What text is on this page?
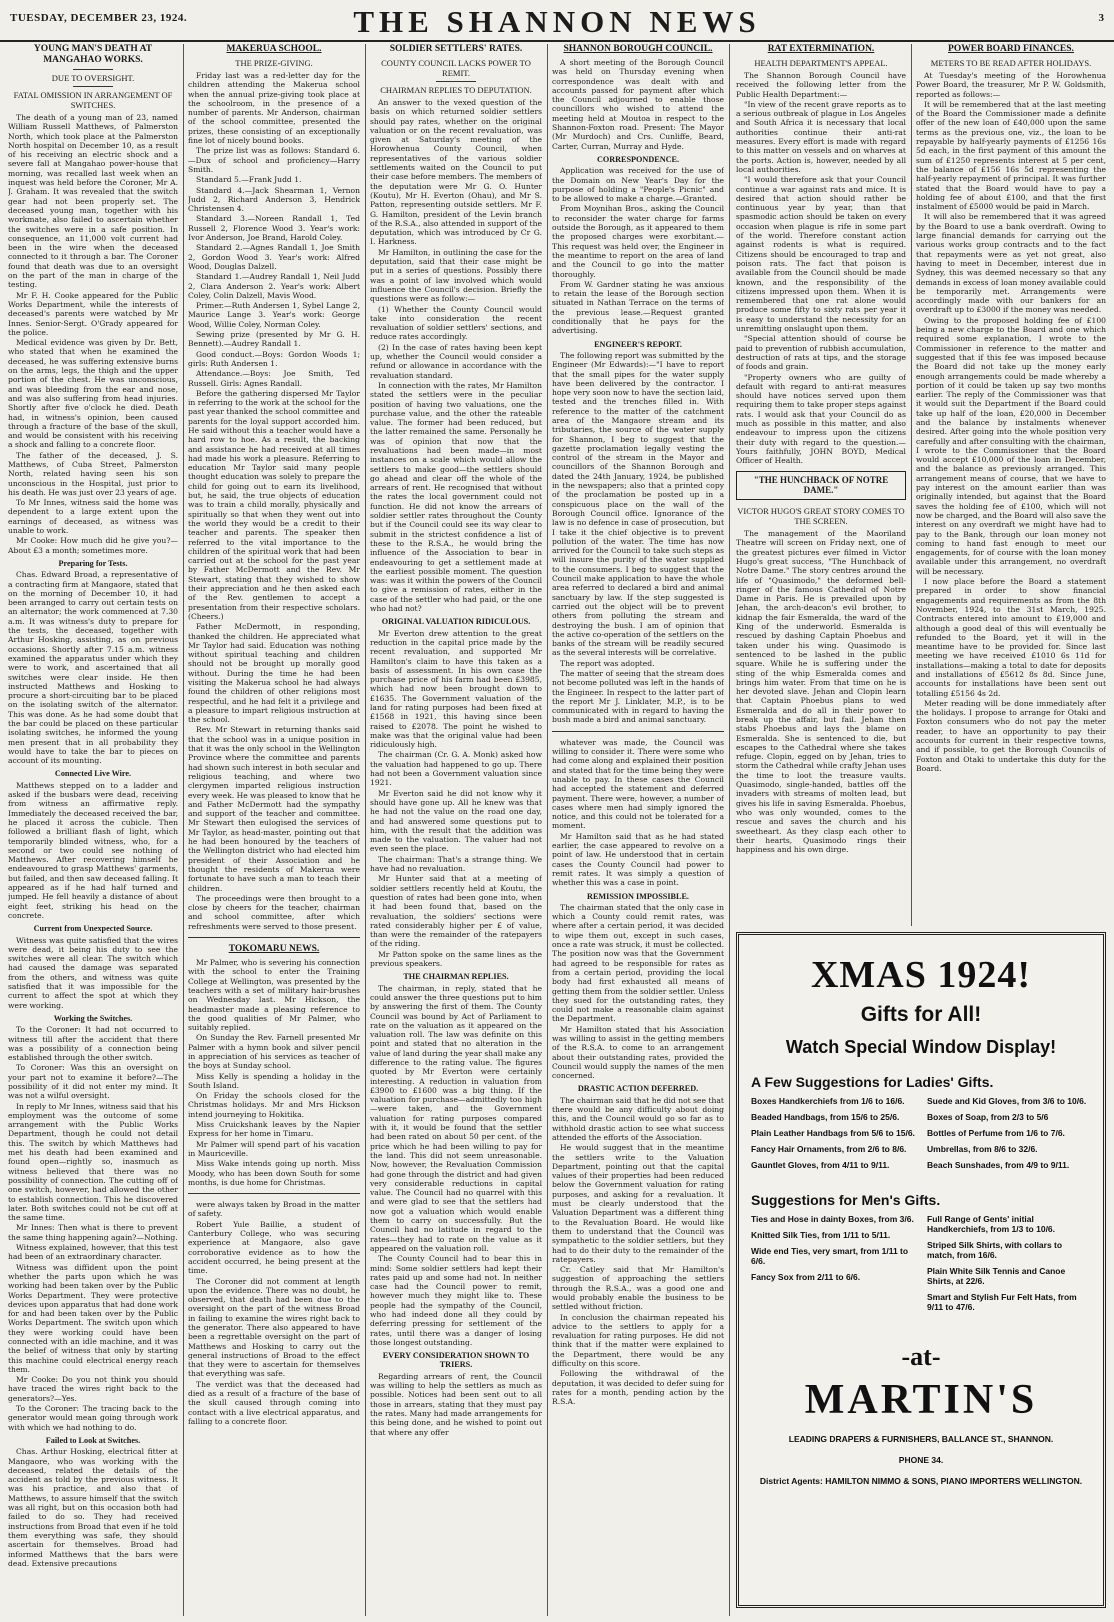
TUESDAY, DECEMBER 23, 1924.	THE SHANNON NEWS	3
YOUNG MAN'S DEATH AT MANGAHAO WORKS.
DUE TO OVERSIGHT.
FATAL OMISSION IN ARRANGEMENT OF SWITCHES.

The death of a young man of 23, named William Russell Matthews, of Palmerston North, which took place at the Palmerston North hospital on December 10, as a result of his receiving an electric shock and a severe fall at Mangahao power-house that morning, was recalled last week when an inquest was held before the Coroner, Mr A. J. Graham. It was revealed that the switch gear had not been properly set. The deceased young man, together with his workmate, also failed to ascertain whether the switches were in a safe position. In consequence, an 11,000 volt current had been in the wire when the deceased connected to it through a bar. The Coroner found that death was due to an oversight on the part of the man in charge of the testing.

Mr F. H. Cooke appeared for the Public Works Department, while the interests of deceased's parents were watched by Mr Innes. Senior-Sergt. O'Grady appeared for the police.

Medical evidence was given by Dr. Bett, who stated that when he examined the deceased, he was suffering extensive burns on the arms, legs, the thigh and the upper portion of the chest. He was unconscious, and was bleeding from the ear and nose, and was also suffering from head injuries. Shortly after five o'clock he died. Death had, in witness's opinion, been caused through a fracture of the base of the skull, and would be consistent with his receiving a shock and falling to a concrete floor.

The father of the deceased, J. S. Matthews, of Cuba Street, Palmerston North, related having seen his son unconscious in the Hospital, just prior to his death. He was just over 23 years of age.

To Mr Innes, witness said the home was dependent to a large extent upon the earnings of deceased, as witness was unable to work.

Mr Cooke: How much did he give you?—About £3 a month; sometimes more.

Preparing for Tests.

Chas. Edward Broad, a representative of a contracting firm at Mangaore, stated that on the morning of December 10, it had been arranged to carry out certain tests on an alternator; the work commenced at 7.30 a.m. It was witness's duty to prepare for the tests, the deceased, together with Arthur Hosking, assisting, as on previous occasions. Shortly after 7.15 a.m. witness examined the apparatus under which they were to work, and ascertained that all switches were clear inside. He then instructed Matthews and Hosking to procure a short-circuiting bar to be placed on the isolating switch of the alternator. This was done. As he had some doubt that the bar could be placed on these particular isolating switches, he informed the young men present that in all probability they would have to take the bar to pieces on account of its mounting.

Connected Live Wire.

Matthews stepped on to a ladder and asked if the busbars were dead, receiving from witness an affirmative reply. Immediately the deceased received the bar, he placed it across the cubicle. Then followed a brilliant flash of light, which temporarily blinded witness, who, for a second or two could see nothing of Matthews. After recovering himself he endeavoured to grasp Matthews' garments, but failed, and then saw deceased falling. It appeared as if he had half turned and jumped. He fell heavily a distance of about eight feet, striking his head on the concrete.

Current from Unexpected Source.

Witness was quite satisfied that the wires were dead, it being his duty to see the switches were all clear. The switch which had caused the damage was separated from the others, and witness was quite satisfied that it was impossible for the current to affect the spot at which they were working.

Working the Switches.

To the Coroner: It had not occurred to witness till after the accident that there was a possibility of a connection being established through the other switch.

To Coroner: Was this an oversight on your part not to examine it before?—The possibility of it did not enter my mind. It was not a wilful oversight.

In reply to Mr Innes, witness said that his employment was the outcome of some arrangement with the Public Works Department, though he could not detail this. The switch by which Matthews had met his death had been examined and found open—rightly so, inasmuch as witness believed that there was no possibility of connection. The cutting off of one switch, however, had allowed the other to establish connection. This he discovered later. Both switches could not be cut off at the same time.

Mr Innes: Then what is there to prevent the same thing happening again?—Nothing.

Witness explained, however, that this test had been of an extraordinary character.

Witness was diffident upon the point whether the parts upon which he was working had been taken over by the Public Works Department. They were protective devices upon apparatus that had done work for and had been taken over by the Public Works Department. The switch upon which they were working could have been connected with an idle machine, and it was the belief of witness that only by starting this machine could electrical energy reach them.

Mr Cooke: Do you not think you should have traced the wires right back to the generators?—Yes.

To the Coroner: The tracing back to the generator would mean going through work with which we had nothing to do.

Failed to Look at Switches.

Chas. Arthur Hosking, electrical fitter at Mangaore, who was working with the deceased, related the details of the accident as told by the previous witness. It was his practice, and also that of Matthews, to assure himself that the switch was all right, but on this occasion both had failed to do so. They had received instructions from Broad that even if he told them everything was safe, they should ascertain for themselves. Broad had informed Matthews that the bars were dead. Extensive precautions

MAKERUA SCHOOL.
THE PRIZE-GIVING.

Friday last was a red-letter day for the children attending the Makerua school when the annual prize-giving took place at the schoolroom, in the presence of a number of parents. Mr Anderson, chairman of the school committee, presented the prizes, these consisting of an exceptionally fine lot of nicely bound books.

The prize list was as follows: Standard 6.—Dux of school and proficiency—Harry Smith.

Standard 5.—Frank Judd 1.

Standard 4.—Jack Shearman 1, Vernon Judd 2, Richard Anderson 3, Hendrick Christensen 4.

Standard 3.—Noreen Randall 1, Ted Russell 2, Florence Wood 3. Year's work: Ivor Anderson, Joe Brand, Harold Coley.

Standard 2.—Agnes Randall 1, Joe Smith 2, Gordon Wood 3. Year's work: Alfred Wood, Douglas Dalzell.

Standard 1.—Audrey Randall 1, Neil Judd 2, Clara Anderson 2. Year's work: Albert Coley, Colin Dalzell, Mavis Wood.

Primer.—Ruth Andersen 1, Sybel Lange 2, Maurice Lange 3. Year's work: George Wood, Willie Coley, Norman Coley.

Sewing prize (presented by Mr G. H. Bennett).—Audrey Randall 1.

Good conduct.—Boys: Gordon Woods 1; girls: Ruth Andersen 1.

Attendance.—Boys: Joe Smith, Ted Russell. Girls: Agnes Randall.

Before the gathering dispersed Mr Taylor in referring to the work at the school for the past year thanked the school committee and parents for the loyal support accorded him. He said without this a teacher would have a hard row to hoe. As a result, the backing and assistance he had received at all times had made his work a pleasure. Referring to education Mr Taylor said many people thought education was solely to prepare the child for going out to earn its livelihood, but, he said, the true objects of education was to train a child morally, physically and spiritually so that when they went out into the world they would be a credit to their teacher and parents. The speaker then referred to the vital importance to the children of the spiritual work that had been carried out at the school for the past year by Father McDermott and the Rev. Mr Stewart, stating that they wished to show their appreciation and he then asked each of the Rev. gentlemen to accept a presentation from their respective scholars. (Cheers.)

Father McDermott, in responding, thanked the children. He appreciated what Mr Taylor had said. Education was nothing without spiritual teaching and children should not be brought up morally good without. During the time he had been visiting the Makerua school he had always found the children of other religions most respectful, and he had felt it a privilege and a pleasure to impart religious instruction at the school.

Rev. Mr Stewart in returning thanks said that the school was in a unique position in that it was the only school in the Wellington Province where the committee and parents had shown such interest in both secular and religious teaching, and where two clergymen imparted religious instruction every week. He was pleased to know that he and Father McDermott had the sympathy and support of the teacher and committee. Mr Stewart then eulogised the services of Mr Taylor, as head-master, pointing out that he had been honoured by the teachers of the Wellington district who had elected him president of their Association and he thought the residents of Makerua were fortunate to have such a man to teach their children.

The proceedings were then brought to a close by cheers for the teacher, chairman and school committee, after which refreshments were served to those present.

TOKOMARU NEWS.

Mr Palmer, who is severing his connection with the school to enter the Training College at Wellington, was presented by the teachers with a set of military hair-brushes on Wednesday last. Mr Hickson, the headmaster made a pleasing reference to the good qualities of Mr Palmer, who suitably replied.

On Sunday the Rev. Farnell presented Mr Palmer with a hymn book and silver pencil in appreciation of his services as teacher of the boys at Sunday school.

Miss Kelly is spending a holiday in the South Island.

On Friday the schools closed for the Christmas holidays. Mr and Mrs Hickson intend journeying to Hokitika.

Miss Cruickshank leaves by the Napier Express for her home in Timaru.

Mr Palmer will spend part of his vacation in Mauriceville.

Miss Wake intends going up north. Miss Moody, who has been down South for some months, is due home for Christmas.

were always taken by Broad in the matter of safety.

Robert Yule Baillie, a student of Canterbury College, who was securing experience at Mangaore, also gave corroborative evidence as to how the accident occurred, he being present at the time.

The Coroner did not comment at length upon the evidence. There was no doubt, he observed, that death had been due to the oversight on the part of the witness Broad in failing to examine the wires right back to the generator. There also appeared to have been a regrettable oversight on the part of Matthews and Hosking to carry out the general instructions of Broad to the effect that they were to ascertain for themselves that everything was safe.

The verdict was that the deceased had died as a result of a fracture of the base of the skull caused through coming into contact with a live electrical apparatus, and falling to a concrete floor.

SOLDIER SETTLERS' RATES.
COUNTY COUNCIL LACKS POWER TO REMIT.
CHAIRMAN REPLIES TO DEPUTATION.

An answer to the vexed question of the basis on which returned soldier settlers should pay rates, whether on the original valuation or on the recent revaluation, was given at Saturday's meeting of the Horowhenua County Council, when representatives of the various soldier settlements waited on the Council to put their case before members. The members of the deputation were Mr G. O. Hunter (Koutu), Mr H. Everton (Ohau), and Mr S. Patton, representing outside settlers. Mr F. G. Hamilton, president of the Levin branch of the R.S.A., also attended in support of the deputation, which was introduced by Cr G. I. Harkness.

Mr Hamilton, in outlining the case for the deputation, said that their case might be put in a series of questions. Possibly there was a point of law involved which would influence the Council's decision. Briefly the questions were as follow:—

(1) Whether the County Council would take into consideration the recent revaluation of soldier settlers' sections, and reduce rates accordingly.

(2) In the case of rates having been kept up, whether the Council would consider a refund or allowance in accordance with the revaluation standard.

In connection with the rates, Mr Hamilton stated the settlers were in the peculiar position of having two valuations, one the purchase value, and the other the rateable value. The former had been reduced, but the latter remained the same. Personally he was of opinion that now that the revaluations had been made—in most instances on a scale which would allow the settlers to make good—the settlers should go ahead and clear off the whole of the arrears of rent. He recognised that without the rates the local government could not function. He did not know the arrears of soldier settler rates throughout the County but if the Council could see its way clear to submit in the strictest confidence a list of these to the R.S.A., he would bring the influence of the Association to bear in endeavouring to get a settlement made at the earliest possible moment. The question was: was it within the powers of the Council to give a remission of rates, either in the case of the settler who had paid, or the one who had not?

ORIGINAL VALUATION RIDICULOUS.

Mr Everton drew attention to the great reduction in the capital price made by the recent revaluation, and supported Mr Hamilton's claim to have this taken as a basis of assessment. In his own case the purchase price of his farm had been £3985, which had now been brought down to £1635. The Government valuation of the land for rating purposes had been fixed at £1568 in 1921, this having since been raised to £2078. The point he wished to make was that the original value had been ridiculously high.

The chairman (Cr. G. A. Monk) asked how the valuation had happened to go up. There had not been a Government valuation since 1921.

Mr Everton said he did not know why it should have gone up. All he knew was that he had not the value on the road one day, and had answered some questions put to him, with the result that the addition was made to the valuation. The valuer had not even seen the place.

The chairman: That's a strange thing. We have had no revaluation.

Mr Hunter said that at a meeting of soldier settlers recently held at Koutu, the question of rates had been gone into, when it had been found that, based on the revaluation, the soldiers' sections were rated considerably higher per £ of value, than were the remainder of the ratepayers of the riding.

Mr Patton spoke on the same lines as the previous speakers.

THE CHAIRMAN REPLIES.

The chairman, in reply, stated that he could answer the three questions put to him by answering the first of them. The County Council was bound by Act of Parliament to rate on the valuation as it appeared on the valuation roll. The law was definite on this point and stated that no alteration in the value of land during the year shall make any difference to the rating value. The figures quoted by Mr Everton were certainly interesting. A reduction in valuation from £3900 to £1600 was a big thing. If the valuation for purchase—admittedly too high—were taken, and the Government valuation for rating purposes compared with it, it would be found that the settler had been rated on about 50 per cent. of the price which he had been willing to pay for the land. This did not seem unreasonable. Now, however, the Revaluation Commission had gone through the district and had given very considerable reductions in capital value. The Council had no quarrel with this and were glad to see that the settlers had now got a valuation which would enable them to carry on successfully. But the Council had no latitude in regard to the rates—they had to rate on the value as it appeared on the valuation roll.

The County Council had to bear this in mind: Some soldier settlers had kept their rates paid up and some had not. In neither case had the Council power to remit, however much they might like to. These people had the sympathy of the Council, who had indeed done all they could by deferring pressing for settlement of the rates, until there was a danger of losing those longest outstanding.

EVERY CONSIDERATION SHOWN TO TRIERS.

Regarding arrears of rent, the Council was willing to help the settlers as much as possible. Notices had been sent out to all those in arrears, stating that they must pay the rates. Many had made arrangements for this being done, and he wished to point out that where any offer

SHANNON BOROUGH COUNCIL.

A short meeting of the Borough Council was held on Thursday evening when correspondence was dealt with and accounts passed for payment after which the Council adjourned to enable those councillors who wished to attend the meeting held at Moutoa in respect to the Shannon-Foxton road. Present: The Mayor (Mr Murdoch) and Crs. Cunliffe, Beard, Carter, Curran, Murray and Hyde.

CORRESPONDENCE.

Application was received for the use of the Domain on New Year's Day for the purpose of holding a "People's Picnic" and to be allowed to make a charge.—Granted.

From Moynihan Bros., asking the Council to reconsider the water charge for farms outside the Borough, as it appeared to them the proposed charges were exorbitant.—This request was held over, the Engineer in the meantime to report on the area of land and the Council to go into the matter thoroughly.

From W. Gardner stating he was anxious to retain the lease of the Borough section situated in Nathan Terrace on the terms of the previous lease.—Request granted conditionally that he pays for the advertising.

ENGINEER'S REPORT.

The following report was submitted by the Engineer (Mr Edwards):—"I have to report that the small pipes for the water supply have been delivered by the contractor. I hope very soon now to have the section laid, tested and the trenches filled in. With reference to the matter of the catchment area of the Mangaore stream and its tributaries, the source of the water supply for Shannon, I beg to suggest that the gazette proclamation legally vesting the control of the stream in the Mayor and councillors of the Shannon Borough and dated the 24th January, 1924, be published in the newspapers; also that a printed copy of the proclamation be posted up in a conspicuous place on the wall of the Borough Council office. Ignorance of the law is no defence in case of prosecution, but I take it the chief objective is to prevent pollution of the water. The time has now arrived for the Council to take such steps as will insure the purity of the water supplied to the consumers. I beg to suggest that the Council make application to have the whole area referred to declared a bird and animal sanctuary by law. If the step suggested is carried out the object will be to prevent others from polluting the stream and destroying the bush. I am of opinion that the active co-operation of the settlers on the banks of the stream will be readily secured as the several interests will be correlative.

The report was adopted.

The matter of seeing that the stream does not become polluted was left in the hands of the Engineer. In respect to the latter part of the report Mr J. Linklater, M.P., is to be communicated with in regard to having the bush made a bird and animal sanctuary.

whatever was made, the Council was willing to consider it. There were some who had come along and explained their position and stated that for the time being they were unable to pay. In these cases the Council had accepted the statement and deferred payment. There were, however, a number of cases where men had simply ignored the notice, and this could not be tolerated for a moment.

Mr Hamilton said that as he had stated earlier, the case appeared to revolve on a point of law. He understood that in certain cases the County Council had power to remit rates. It was simply a question of whether this was a case in point.

REMISSION IMPOSSIBLE.

The chairman stated that the only case in which a County could remit rates, was where after a certain period, it was decided to wipe them out, except in such cases, once a rate was struck, it must be collected. The position now was that the Government had agreed to be responsible for rates as from a certain period, providing the local body had first exhausted all means of getting them from the soldier settler. Unless they sued for the outstanding rates, they could not make a reasonable claim against the Department.

Mr Hamilton stated that his Association was willing to assist in the getting members of the R.S.A. to come to an arrangement about their outstanding rates, provided the Council would supply the names of the men concerned.

DRASTIC ACTION DEFERRED.

The chairman said that he did not see that there would be any difficulty about doing this, and the Council would go so far as to withhold drastic action to see what success attended the efforts of the Association.

He would suggest that in the meantime the settlers write to the Valuation Department, pointing out that the capital values of their properties had been reduced below the Government valuation for rating purposes, and asking for a revaluation. It must be clearly understood that the Valuation Department was a different thing to the Revaluation Board. He would like them to understand that the Council was sympathetic to the soldier settlers, but they had to do their duty to the remainder of the ratepayers.

Cr. Catley said that Mr Hamilton's suggestion of approaching the settlers through the R.S.A., was a good one and would probably enable the business to be settled without friction.

In conclusion the chairman repeated his advice to the settlers to apply for a revaluation for rating purposes. He did not think that if the matter were explained to the Department, there would be any difficulty on this score.

Following the withdrawal of the deputation, it was decided to defer suing for rates for a month, pending action by the R.S.A.

RAT EXTERMINATION.
HEALTH DEPARTMENT'S APPEAL.

The Shannon Borough Council have received the following letter from the Public Health Department:—

"In view of the recent grave reports as to a serious outbreak of plague in Los Angeles and South Africa it is necessary that local authorities continue their anti-rat measures. Every effort is made with regard to this matter on vessels and on wharves at the ports. Action is, however, needed by all local authorities.

"I would therefore ask that your Council continue a war against rats and mice. It is desired that action should rather be continuous year by year, than that spasmodic action should be taken on every occasion when plague is rife in some part of the world. Therefore constant action against rodents is what is required. Citizens should be encouraged to trap and poison rats. The fact that poison is available from the Council should be made known, and the responsibility of the citizens impressed upon them. When it is remembered that one rat alone would produce some fifty to sixty rats per year it is easy to understand the necessity for an unremitting onslaught upon them.

"Special attention should of course be paid to prevention of rubbish accumulation, destruction of rats at tips, and the storage of foods and grain.

"Property owners who are guilty of default with regard to anti-rat measures should have notices served upon them requiring them to take proper steps against rats. I would ask that your Council do as much as possible in this matter, and also endeavour to impress upon the citizens their duty with regard to the question.—Yours faithfully, JOHN BOYD, Medical Officer of Health.

"THE HUNCHBACK OF NOTRE DAME."
VICTOR HUGO'S GREAT STORY COMES TO THE SCREEN.

The management of the Maoriland Theatre will screen on Friday next, one of the greatest pictures ever filmed in Victor Hugo's great success, "The Hunchback of Notre Dame." The story centres around the life of "Quasimodo," the deformed bell-ringer of the famous Cathedral of Notre Dame in Paris. He is prevailed upon by Jehan, the arch-deacon's evil brother, to kidnap the fair Esmeralda, the ward of the King of the underworld. Esmeralda is rescued by dashing Captain Phoebus and taken under his wing. Quasimodo is sentenced to be lashed in the public square. While he is suffering under the sting of the whip Esmeralda comes and brings him water. From that time on he is her devoted slave. Jehan and Clopin learn that Captain Phoebus plans to wed Esmeralda and do all in their power to break up the affair, but fail. Jehan then stabs Phoebus and lays the blame on Esmeralda. She is sentenced to die, but escapes to the Cathedral where she takes refuge. Clopin, egged on by Jehan, tries to storm the Cathedral while crafty Jehan uses the time to loot the treasure vaults. Quasimodo, single-handed, battles off the invaders with streams of molten lead, but gives his life in saving Esmeralda. Phoebus, who was only wounded, comes to the rescue and saves the church and his sweetheart. As they clasp each other to their hearts, Quasimodo rings their happiness and his own dirge.

POWER BOARD FINANCES.
METERS TO BE READ AFTER HOLIDAYS.

At Tuesday's meeting of the Horowhenua Power Board, the treasurer, Mr P. W. Goldsmith, reported as follows:—

It will be remembered that at the last meeting of the Board the Commissioner made a definite offer of the new loan of £40,000 upon the same terms as the previous one, viz., the loan to be repayable by half-yearly payments of £1256 16s 5d each, in the first payment of this amount the sum of £1250 represents interest at 5 per cent, the balance of £156 16s 5d representing the half-yearly repayment of principal. It was further stated that the Board would have to pay a holding fee of about £100, and that the first instalment of £5000 would be paid in March.

It will also be remembered that it was agreed by the Board to use a bank overdraft. Owing to large financial demands for carrying out the various works group contracts and to the fact that repayments were as yet not great, also having to meet in December, interest due in Sydney, this was deemed necessary so that any demands in excess of loan money available could be temporarily met. Arrangements were accordingly made with our bankers for an overdraft up to £3000 if the money was needed.

Owing to the proposed holding fee of £100 being a new charge to the Board and one which required some explanation, I wrote to the Commissioner in reference to the matter and suggested that if this fee was imposed because the Board did not take up the money early enough arrangements could be made whereby a portion of it could be taken up say two months earlier. The reply of the Commissioner was that it would suit the Department if the Board could take up half of the loan, £20,000 in December and the balance by instalments whenever desired. After going into the whole position very carefully and after consulting with the chairman, I wrote to the Commissioner that the Board would accept £10,000 of the loan in December, and the balance as previously arranged. This arrangement means of course, that we have to pay interest on the amount earlier than was originally intended, but against that the Board saves the holding fee of £100, which will not now be charged, and the Board will also save the interest on any overdraft we might have had to pay to the Bank, through our loan money not coming to hand fast enough to meet our engagements, for of course with the loan money available under this arrangement, no overdraft will be necessary.

I now place before the Board a statement prepared in order to show financial engagements and requirements as from the 8th November, 1924, to the 31st March, 1925. Contracts entered into amount to £19,000 and although a good deal of this will eventually be refunded to the Board, yet it will in the meantime have to be provided for. Since last meeting we have received £1010 6s 11d for installations—making a total to date for deposits and installations of £5612 8s 8d. Since June, accounts for installations have been sent out totalling £5156 4s 2d.

Meter reading will be done immediately after the holidays. I propose to arrange for Otaki and Foxton consumers who do not pay the meter reader, to have an opportunity to pay their accounts for current in their respective towns, and if possible, to get the Borough Councils of Foxton and Otaki to undertake this duty for the Board.

XMAS 1924!
Gifts for All!
Watch Special Window Display!
A Few Suggestions for Ladies' Gifts.
Boxes Handkerchiefs from 1/6 to 16/6.
Beaded Handbags, from 15/6 to 25/6.
Plain Leather Handbags from 5/6 to 15/6.
Fancy Hair Ornaments, from 2/6 to 8/6.
Gauntlet Gloves, from 4/11 to 9/11.
Suede and Kid Gloves, from 3/6 to 10/6.
Boxes of Soap, from 2/3 to 5/6
Bottles of Perfume from 1/6 to 7/6.
Umbrellas, from 8/6 to 32/6.
Beach Sunshades, from 4/9 to 9/11.
Suggestions for Men's Gifts.
Ties and Hose in dainty Boxes, from 3/6.
Knitted Silk Ties, from 1/11 to 5/11.
Wide end Ties, very smart, from 1/11 to 6/6.
Fancy Sox from 2/11 to 6/6.
Full Range of Gents' initial Handkerchiefs, from 1/3 to 10/6.
Striped Silk Shirts, with collars to match, from 16/6.
Plain White Silk Tennis and Canoe Shirts, at 22/6.
Smart and Stylish Fur Felt Hats, from 9/11 to 47/6.
-at-
MARTIN'S
LEADING DRAPERS & FURNISHERS, BALLANCE ST., SHANNON.
PHONE 34.
District Agents: HAMILTON NIMMO & SONS, PIANO IMPORTERS WELLINGTON.
